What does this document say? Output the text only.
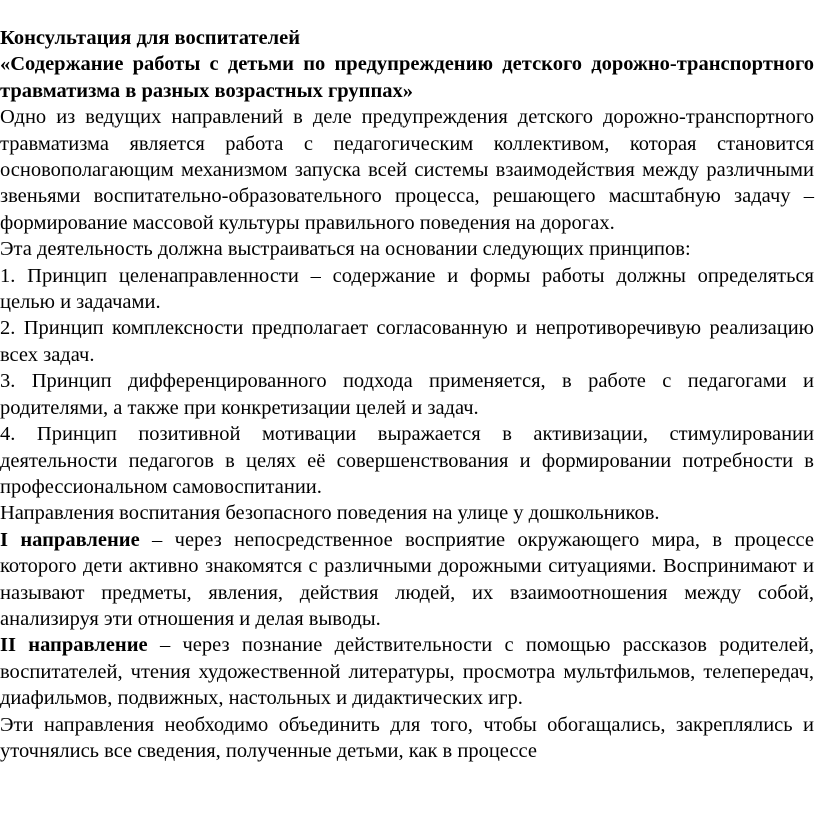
Консультация для воспитателей

«Содержание работы с детьми по предупреждению детского дорожно-транспортного травматизма в разных возрастных группах»

Одно из ведущих направлений в деле предупреждения детского дорожно-транспортного травматизма является работа с педагогическим коллективом, которая становится основополагающим механизмом запуска всей системы взаимодействия между различными звеньями воспитательно-образовательного процесса, решающего масштабную задачу – формирование массовой культуры правильного поведения на дорогах.

Эта деятельность должна выстраиваться на основании следующих принципов:

1. Принцип целенаправленности – содержание и формы работы должны определяться целью и задачами.

2. Принцип комплексности предполагает согласованную и непротиворечивую реализацию всех задач.

3. Принцип дифференцированного подхода применяется, в работе с педагогами и родителями, а также при конкретизации целей и задач.

4. Принцип позитивной мотивации выражается в активизации, стимулировании деятельности педагогов в целях её совершенствования и формировании потребности в профессиональном самовоспитании.

Направления воспитания безопасного поведения на улице у дошкольников.

I направление – через непосредственное восприятие окружающего мира, в процессе которого дети активно знакомятся с различными дорожными ситуациями. Воспринимают и называют предметы, явления, действия людей, их взаимоотношения между собой, анализируя эти отношения и делая выводы.

II направление – через познание действительности с помощью рассказов родителей, воспитателей, чтения художественной литературы, просмотра мультфильмов, телепередач, диафильмов, подвижных, настольных и дидактических игр.

Эти направления необходимо объединить для того, чтобы обогащались, закреплялись и уточнялись все сведения, полученные детьми, как в процессе
